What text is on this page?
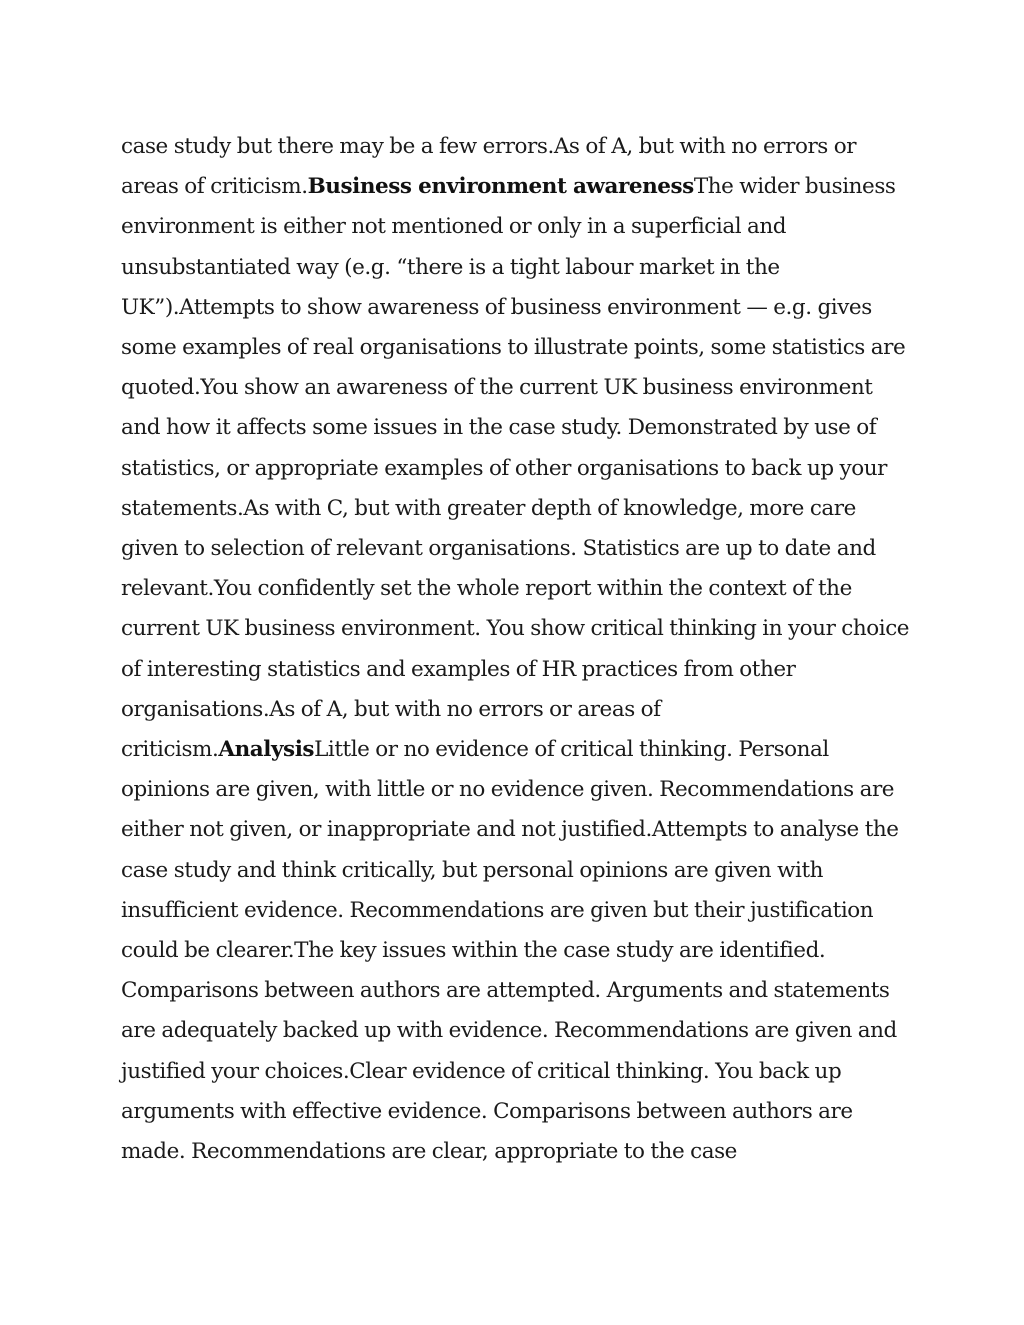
case study but there may be a few errors.As of A, but with no errors or areas of criticism.Business environment awarenessThe wider business environment is either not mentioned or only in a superficial and unsubstantiated way (e.g. “there is a tight labour market in the UK”).Attempts to show awareness of business environment — e.g. gives some examples of real organisations to illustrate points, some statistics are quoted.You show an awareness of the current UK business environment and how it affects some issues in the case study. Demonstrated by use of statistics, or appropriate examples of other organisations to back up your statements.As with C, but with greater depth of knowledge, more care given to selection of relevant organisations. Statistics are up to date and relevant.You confidently set the whole report within the context of the current UK business environment. You show critical thinking in your choice of interesting statistics and examples of HR practices from other organisations.As of A, but with no errors or areas of criticism.AnalysisLittle or no evidence of critical thinking. Personal opinions are given, with little or no evidence given. Recommendations are either not given, or inappropriate and not justified.Attempts to analyse the case study and think critically, but personal opinions are given with insufficient evidence. Recommendations are given but their justification could be clearer.The key issues within the case study are identified. Comparisons between authors are attempted. Arguments and statements are adequately backed up with evidence. Recommendations are given and justified your choices.Clear evidence of critical thinking. You back up arguments with effective evidence. Comparisons between authors are made. Recommendations are clear, appropriate to the case
